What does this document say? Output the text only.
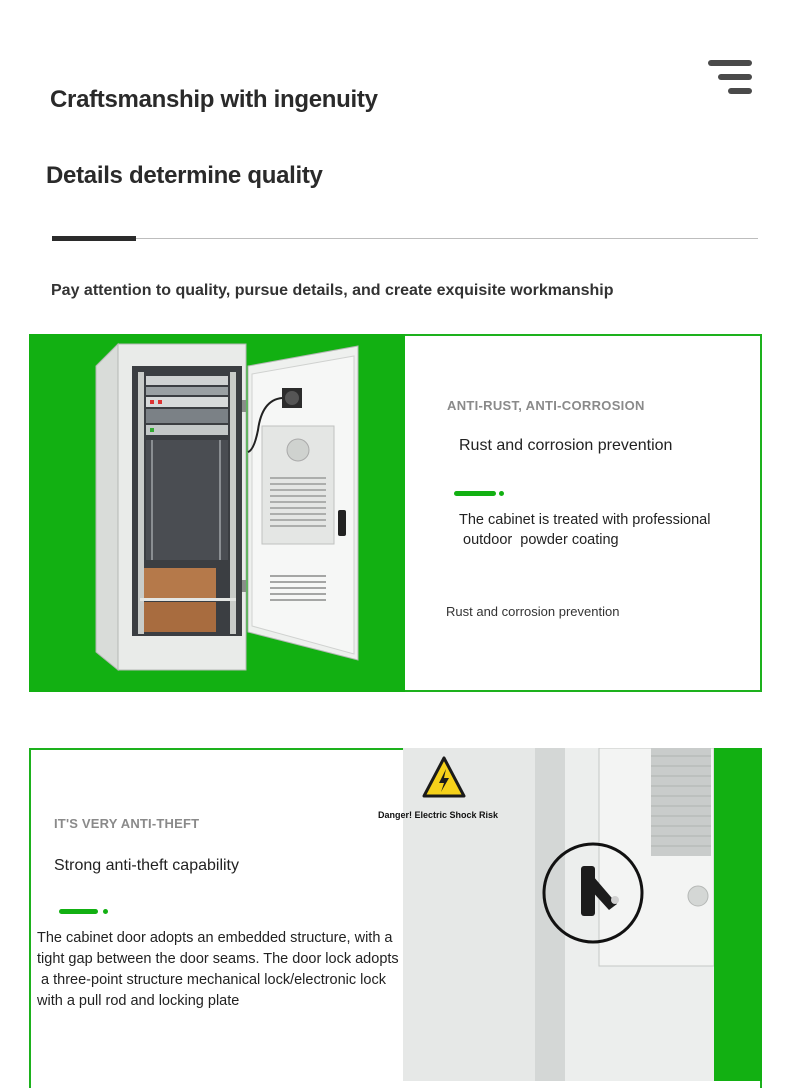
Craftsmanship with ingenuity
Details determine quality
Pay attention to quality, pursue details, and create exquisite workmanship
ANTI-RUST, ANTI-CORROSION
Rust and corrosion prevention
The cabinet is treated with professional
outdoor  powder coating
Rust and corrosion prevention
Danger! Electric Shock Risk
IT'S VERY ANTI-THEFT
Strong anti-theft capability
The cabinet door adopts an embedded structure, with a
tight gap between the door seams. The door lock adopts
a three-point structure mechanical lock/electronic lock
with a pull rod and locking plate
